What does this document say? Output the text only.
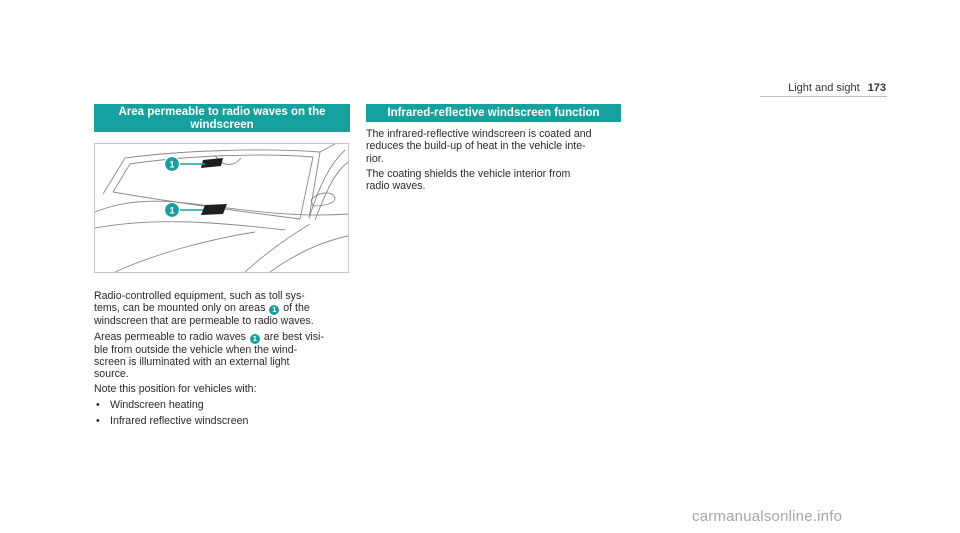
Light and sight 173
Area permeable to radio waves on the
windscreen
1
1

Radio-controlled equipment, such as toll sys-

tems, can be mounted only on areas 1 of the

windscreen that are permeable to radio waves.

Areas permeable to radio waves 1 are best visi-

ble from outside the vehicle when the wind-

screen is illuminated with an external light

source.

Note this position for vehicles with:

• Windscreen heating
• Infrared reflective windscreen
Infrared-reflective windscreen function

The infrared-reflective windscreen is coated and

reduces the build-up of heat in the vehicle inte-

rior.

The coating shields the vehicle interior from

radio waves.

carmanualsonline.info
